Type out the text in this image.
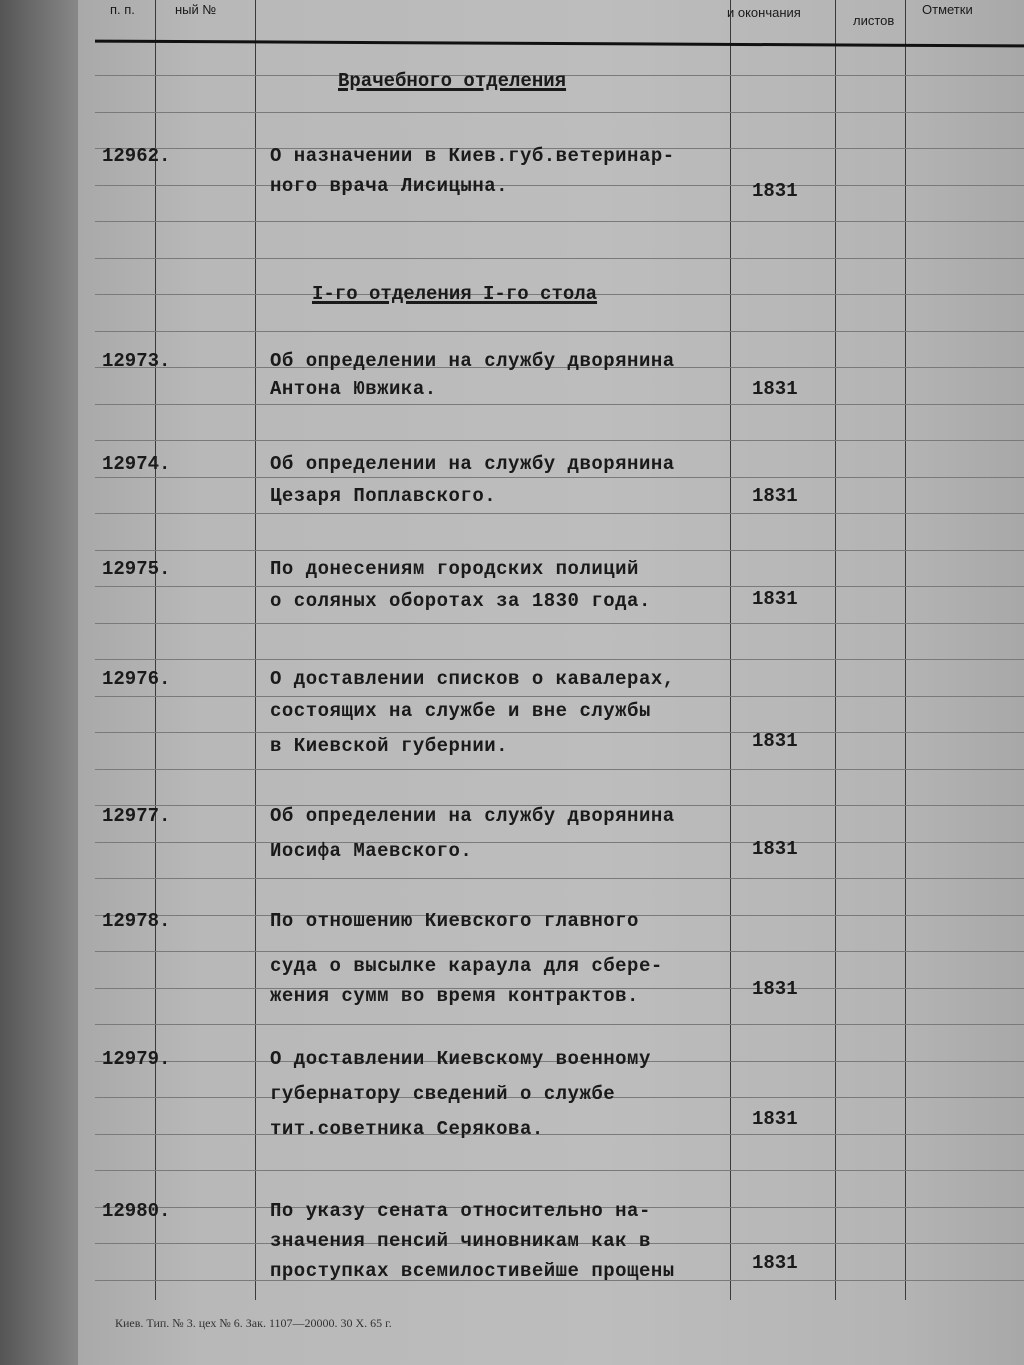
п. п.	ный №	и окончания
листов
Отметки
Врачебного отделения
I-го отделения I-го стола
12962.	О назначении в Киев.губ.ветеринар-
ного врача Лисицына.	1831
12973.	Об определении на службу дворянина
Антона Ювжика.	1831
12974.	Об определении на службу дворянина
Цезаря Поплавского.	1831
12975.	По донесениям городских полиций
о соляных оборотах за 1830 года.	1831
12976.	О доставлении списков о кавалерах,
состоящих на службе и вне службы
в Киевской губернии.	1831
12977.	Об определении на службу дворянина
Иосифа Маевского.	1831
12978.	По отношению Киевского главного
суда о высылке караула для сбере-
жения сумм во время контрактов.	1831
12979.	О доставлении Киевскому военному
губернатору сведений о службе
тит.советника Серякова.	1831
12980.	По указу сената относительно на-
значения пенсий чиновникам как в
проступках всемилостивейше прощены	1831
Киев. Тип. № 3. цех № 6. Зак. 1107—20000. 30 X. 65 г.
